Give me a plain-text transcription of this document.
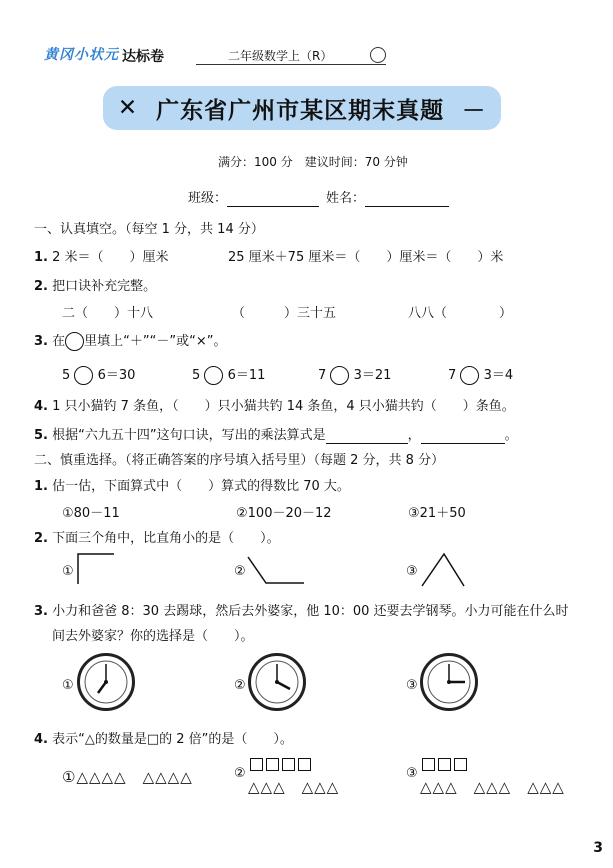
黄冈小状元 达标卷	二年级数学上（R）
✕ 广东省广州市某区期末真题 －
满分：100 分　建议时间：70 分钟
班级：	姓名：
一、认真填空。（每空 1 分，共 14 分）
1. 2 米＝（　　）厘米	25 厘米＋75 厘米＝（　　）厘米＝（　　）米
2. 把口诀补充完整。
二（　　）十八	（　　　）三十五	八八（　　　　）
3. 在 里填上“＋”“－”或“×”。
5 6＝30	5 6＝11	7 3＝21	7 3＝4
4. 1 只小猫钓 7 条鱼，（　　）只小猫共钓 14 条鱼，4 只小猫共钓（　　）条鱼。
5. 根据“六九五十四”这句口诀，写出的乘法算式是	，	。
二、慎重选择。（将正确答案的序号填入括号里）（每题 2 分，共 8 分）
1. 估一估，下面算式中（　　）算式的得数比 70 大。
①80－11	②100－20－12	③21＋50
2. 下面三个角中，比直角小的是（　　）。
①	②	③
3. 小力和爸爸 8：30 去踢球，然后去外婆家，他 10：00 还要去学钢琴。小力可能在什么时
间去外婆家？你的选择是（　　）。
①	②	③
4. 表示“△的数量是□的 2 倍”的是（　　）。
①△△△△　△△△△	②
△△△　△△△
③
△△△　△△△　△△△
3
